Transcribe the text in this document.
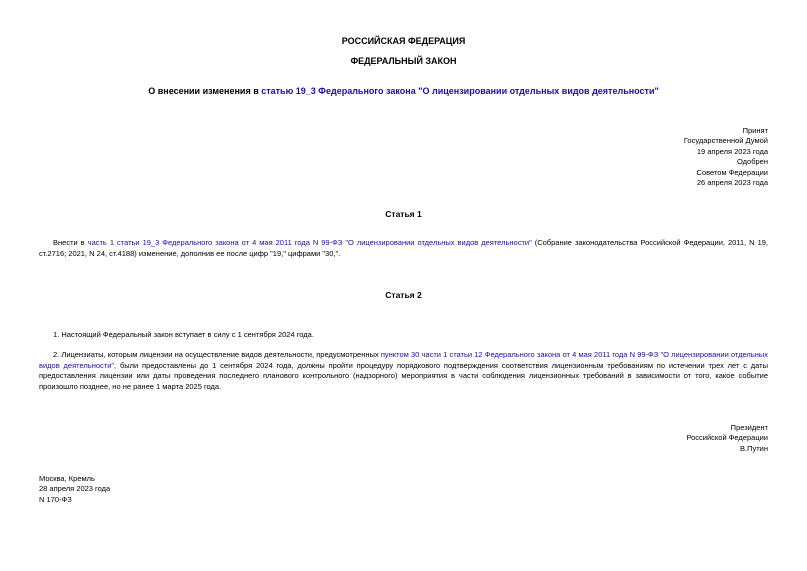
РОССИЙСКАЯ ФЕДЕРАЦИЯ
ФЕДЕРАЛЬНЫЙ ЗАКОН
О внесении изменения в статью 19_3 Федерального закона "О лицензировании отдельных видов деятельности"
Принят
Государственной Думой
19 апреля 2023 года
Одобрен
Советом Федерации
26 апреля 2023 года
Статья 1
Внести в часть 1 статьи 19_3 Федерального закона от 4 мая 2011 года N 99-ФЗ "О лицензировании отдельных видов деятельности" (Собрание законодательства Российской Федерации, 2011, N 19, ст.2716; 2021, N 24, ст.4188) изменение, дополнив ее после цифр "19," цифрами "30,".
Статья 2
1. Настоящий Федеральный закон вступает в силу с 1 сентября 2024 года.
2. Лицензиаты, которым лицензии на осуществление видов деятельности, предусмотренных пунктом 30 части 1 статьи 12 Федерального закона от 4 мая 2011 года N 99-ФЗ "О лицензировании отдельных видов деятельности", были предоставлены до 1 сентября 2024 года, должны пройти процедуру порядкового подтверждения соответствия лицензионным требованиям по истечении трех лет с даты предоставления лицензии или даты проведения последнего планового контрольного (надзорного) мероприятия в части соблюдения лицензионных требований в зависимости от того, какое событие произошло позднее, но не ранее 1 марта 2025 года.
Президент
Российской Федерации
В.Путин
Москва, Кремль
28 апреля 2023 года
N 170-ФЗ
